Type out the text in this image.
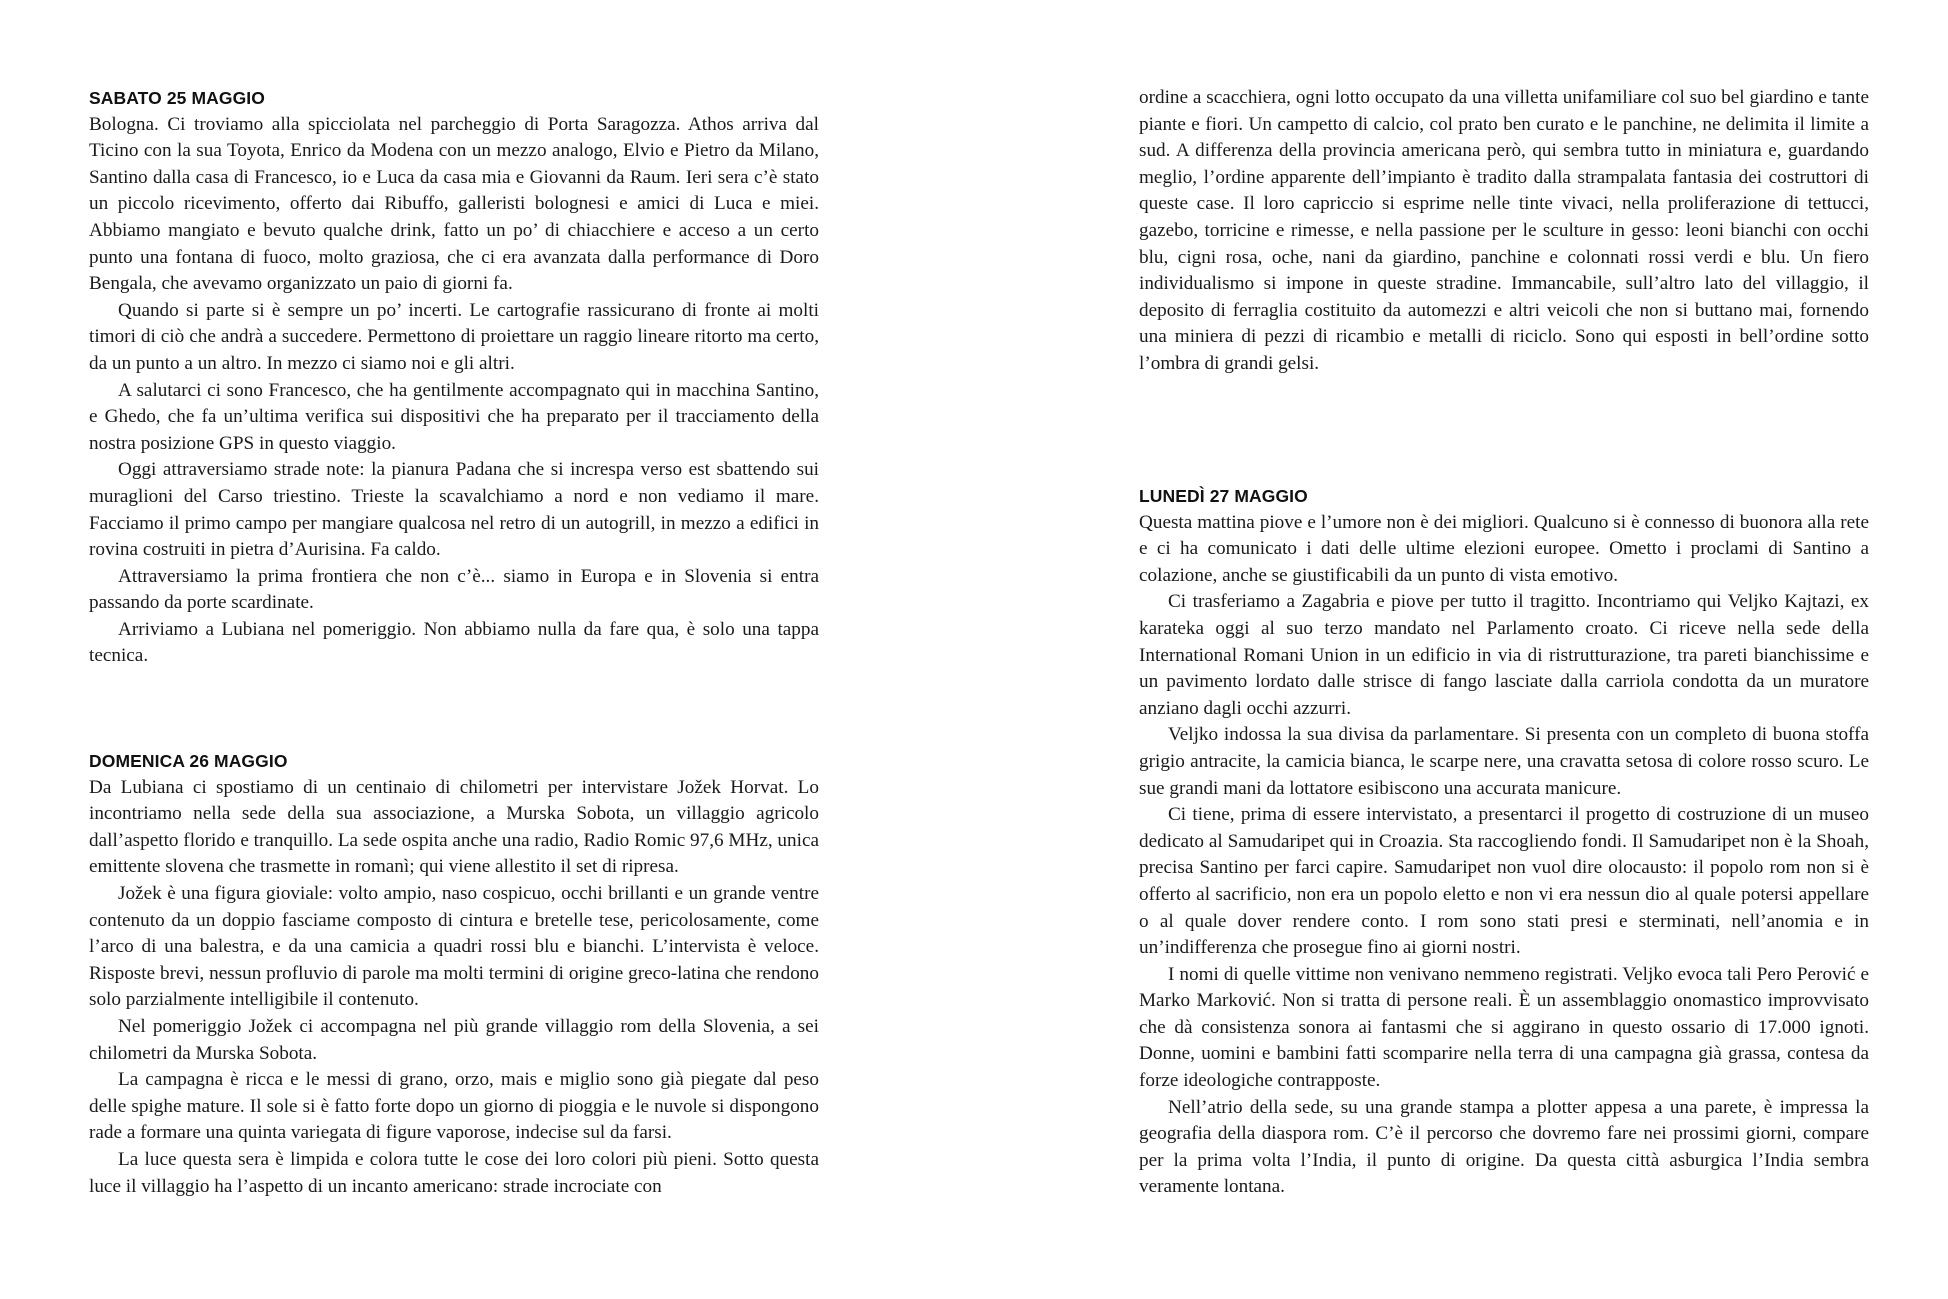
SABATO 25 MAGGIO

Bologna. Ci troviamo alla spicciolata nel parcheggio di Porta Saragozza. Athos arriva dal Ticino con la sua Toyota, Enrico da Modena con un mezzo analogo, Elvio e Pietro da Milano, Santino dalla casa di Francesco, io e Luca da casa mia e Giovanni da Raum. Ieri sera c’è stato un piccolo ricevimento, offerto dai Ribuffo, galleristi bolognesi e amici di Luca e miei. Abbiamo mangiato e bevuto qualche drink, fatto un po’ di chiacchiere e acceso a un certo punto una fontana di fuoco, molto graziosa, che ci era avanzata dalla performance di Doro Bengala, che avevamo organizzato un paio di giorni fa.

Quando si parte si è sempre un po’ incerti. Le cartografie rassicurano di fronte ai molti timori di ciò che andrà a succedere. Permettono di proiettare un raggio lineare ritorto ma certo, da un punto a un altro. In mezzo ci siamo noi e gli altri.

A salutarci ci sono Francesco, che ha gentilmente accompagnato qui in macchina Santino, e Ghedo, che fa un’ultima verifica sui dispositivi che ha preparato per il tracciamento della nostra posizione GPS in questo viaggio.

Oggi attraversiamo strade note: la pianura Padana che si increspa verso est sbattendo sui muraglioni del Carso triestino. Trieste la scavalchiamo a nord e non vediamo il mare. Facciamo il primo campo per mangiare qualcosa nel retro di un autogrill, in mezzo a edifici in rovina costruiti in pietra d’Aurisina. Fa caldo.

Attraversiamo la prima frontiera che non c’è... siamo in Europa e in Slovenia si entra passando da porte scardinate.

Arriviamo a Lubiana nel pomeriggio. Non abbiamo nulla da fare qua, è solo una tappa tecnica.

DOMENICA 26 MAGGIO

Da Lubiana ci spostiamo di un centinaio di chilometri per intervistare Jožek Horvat. Lo incontriamo nella sede della sua associazione, a Murska Sobota, un villaggio agricolo dall’aspetto florido e tranquillo. La sede ospita anche una radio, Radio Romic 97,6 MHz, unica emittente slovena che trasmette in romanì; qui viene allestito il set di ripresa.

Jožek è una figura gioviale: volto ampio, naso cospicuo, occhi brillanti e un grande ventre contenuto da un doppio fasciame composto di cintura e bretelle tese, pericolosamente, come l’arco di una balestra, e da una camicia a quadri rossi blu e bianchi. L’intervista è veloce. Risposte brevi, nessun profluvio di parole ma molti termini di origine greco-latina che rendono solo parzialmente intelligibile il contenuto.

Nel pomeriggio Jožek ci accompagna nel più grande villaggio rom della Slovenia, a sei chilometri da Murska Sobota.

La campagna è ricca e le messi di grano, orzo, mais e miglio sono già piegate dal peso delle spighe mature. Il sole si è fatto forte dopo un giorno di pioggia e le nuvole si dispongono rade a formare una quinta variegata di figure vaporose, indecise sul da farsi.

La luce questa sera è limpida e colora tutte le cose dei loro colori più pieni. Sotto questa luce il villaggio ha l’aspetto di un incanto americano: strade incrociate con

ordine a scacchiera, ogni lotto occupato da una villetta unifamiliare col suo bel giardino e tante piante e fiori. Un campetto di calcio, col prato ben curato e le panchine, ne delimita il limite a sud. A differenza della provincia americana però, qui sembra tutto in miniatura e, guardando meglio, l’ordine apparente dell’impianto è tradito dalla strampalata fantasia dei costruttori di queste case. Il loro capriccio si esprime nelle tinte vivaci, nella proliferazione di tettucci, gazebo, torricine e rimesse, e nella passione per le sculture in gesso: leoni bianchi con occhi blu, cigni rosa, oche, nani da giardino, panchine e colonnati rossi verdi e blu. Un fiero individualismo si impone in queste stradine. Immancabile, sull’altro lato del villaggio, il deposito di ferraglia costituito da automezzi e altri veicoli che non si buttano mai, fornendo una miniera di pezzi di ricambio e metalli di riciclo. Sono qui esposti in bell’ordine sotto l’ombra di grandi gelsi.

LUNEDÌ 27 MAGGIO

Questa mattina piove e l’umore non è dei migliori. Qualcuno si è connesso di buonora alla rete e ci ha comunicato i dati delle ultime elezioni europee. Ometto i proclami di Santino a colazione, anche se giustificabili da un punto di vista emotivo.

Ci trasferiamo a Zagabria e piove per tutto il tragitto. Incontriamo qui Veljko Kajtazi, ex karateka oggi al suo terzo mandato nel Parlamento croato. Ci riceve nella sede della International Romani Union in un edificio in via di ristrutturazione, tra pareti bianchissime e un pavimento lordato dalle strisce di fango lasciate dalla carriola condotta da un muratore anziano dagli occhi azzurri.

Veljko indossa la sua divisa da parlamentare. Si presenta con un completo di buona stoffa grigio antracite, la camicia bianca, le scarpe nere, una cravatta setosa di colore rosso scuro. Le sue grandi mani da lottatore esibiscono una accurata manicure.

Ci tiene, prima di essere intervistato, a presentarci il progetto di costruzione di un museo dedicato al Samudaripet qui in Croazia. Sta raccogliendo fondi. Il Samudaripet non è la Shoah, precisa Santino per farci capire. Samudaripet non vuol dire olocausto: il popolo rom non si è offerto al sacrificio, non era un popolo eletto e non vi era nessun dio al quale potersi appellare o al quale dover rendere conto. I rom sono stati presi e sterminati, nell’anomia e in un’indifferenza che prosegue fino ai giorni nostri.

I nomi di quelle vittime non venivano nemmeno registrati. Veljko evoca tali Pero Perović e Marko Marković. Non si tratta di persone reali. È un assemblaggio onomastico improvvisato che dà consistenza sonora ai fantasmi che si aggirano in questo ossario di 17.000 ignoti. Donne, uomini e bambini fatti scomparire nella terra di una campagna già grassa, contesa da forze ideologiche contrapposte.

Nell’atrio della sede, su una grande stampa a plotter appesa a una parete, è impressa la geografia della diaspora rom. C’è il percorso che dovremo fare nei prossimi giorni, compare per la prima volta l’India, il punto di origine. Da questa città asburgica l’India sembra veramente lontana.
